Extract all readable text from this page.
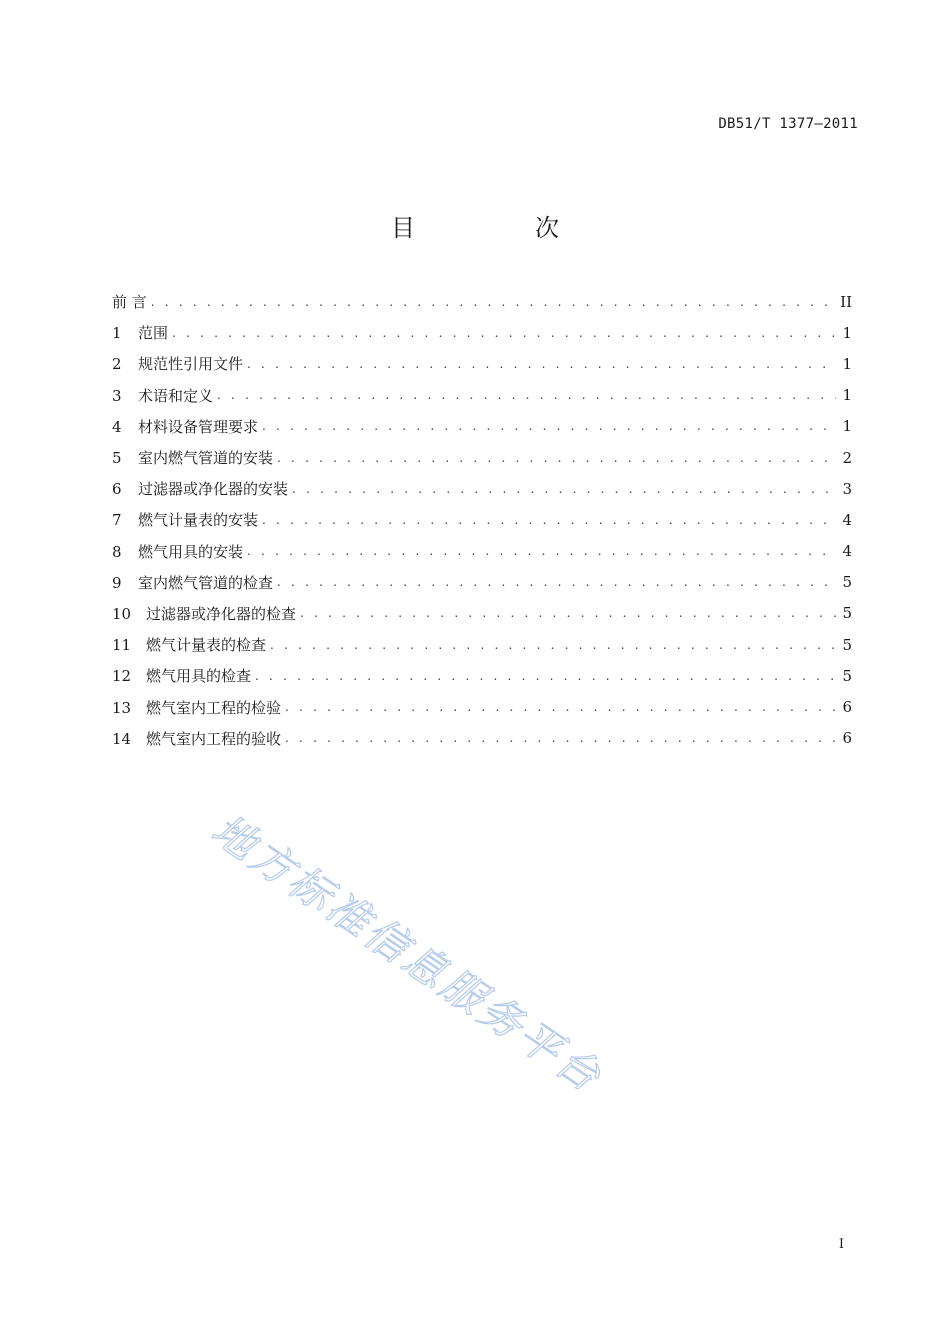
DB51/T 1377—2011
目　次
前 言 . . .	II
1 范围 . . .	1
2 规范性引用文件 . . .	1
3 术语和定义 . . .	1
4 材料设备管理要求 . . .	1
5 室内燃气管道的安装 . . .	2
6 过滤器或净化器的安装 . . .	3
7 燃气计量表的安装 . . .	4
8 燃气用具的安装 . . .	4
9 室内燃气管道的检查 . . .	5
10 过滤器或净化器的检查 . . .	5
11 燃气计量表的检查 . . .	5
12 燃气用具的检查 . . .	5
13 燃气室内工程的检验 . . .	6
14 燃气室内工程的验收 . . .	6
地方标准信息服务平台
I
